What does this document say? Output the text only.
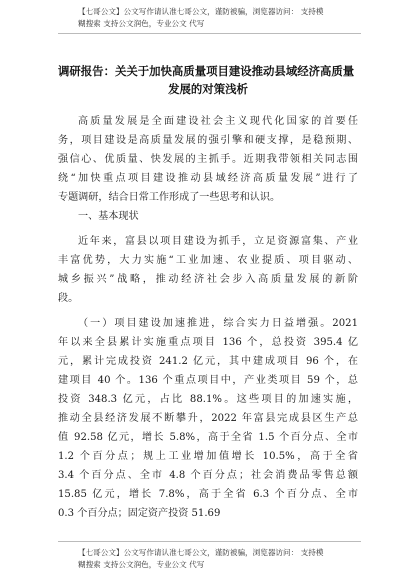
【七哥公文】公文写作请认准七哥公文，谨防被骗，浏览器访问： 支持模
糊搜索 支持公文润色，专业公文 代写
调研报告：关关于加快高质量项目建设推动县域经济高质量
发展的对策浅析
高质量发展是全面建设社会主义现代化国家的首要任
务，项目建设是高质量发展的强引擎和硬支撑，是稳预期、
强信心、优质量、快发展的主抓手。近期我带领相关同志围
绕“加快重点项目建设推动县域经济高质量发展”进行了
专题调研，结合日常工作形成了一些思考和认识。
一、基本现状
近年来，富县以项目建设为抓手，立足资源富集、产业
丰富优势，大力实施“工业加速、农业提质、项目驱动、
城乡振兴”战略，推动经济社会步入高质量发展的新阶
段。
（一）项目建设加速推进，综合实力日益增强。2021
年以来全县累计实施重点项目 136 个，总投资 395.4 亿
元，累计完成投资 241.2 亿元，其中建成项目 96 个，在
建项目 40 个。136 个重点项目中，产业类项目 59 个，总
投资 348.3 亿元，占比 88.1%。这些项目的加速实施，
推动全县经济发展不断攀升，2022 年富县完成县区生产总
值 92.58 亿元，增长 5.8%，高于全省 1.5 个百分点、全市
1.2 个百分点；规上工业增加值增长 10.5%，高于全省
3.4 个百分点、全市 4.8 个百分点；社会消费品零售总额
15.85 亿元，增长 7.8%，高于全省 6.3 个百分点、全市
0.3 个百分点；固定资产投资 51.69
【七哥公文】公文写作请认准七哥公文，谨防被骗，浏览器访问： 支持模
糊搜索 支持公文润色，专业公文 代写
